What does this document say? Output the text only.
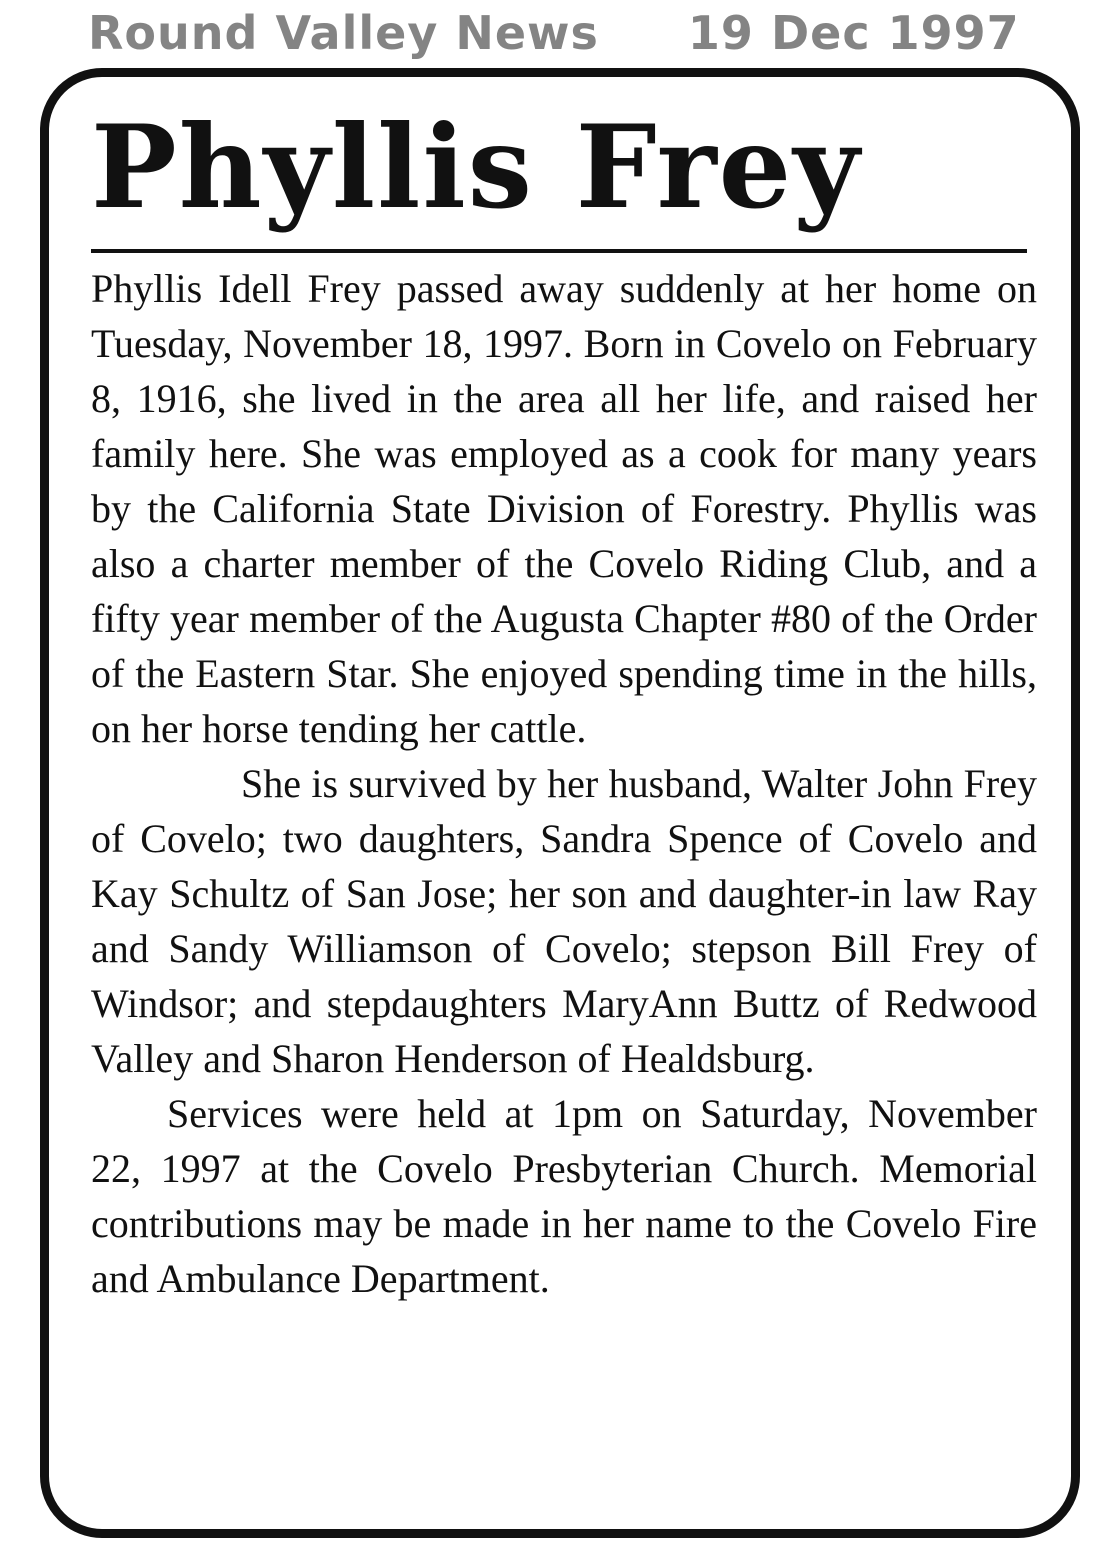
Round Valley News 19 Dec 1997
Phyllis Frey

Phyllis Idell Frey passed away suddenly at her home on Tuesday, November 18, 1997. Born in Covelo on February 8, 1916, she lived in the area all her life, and raised her family here. She was employed as a cook for many years by the California State Division of Forestry. Phyllis was also a charter member of the Covelo Riding Club, and a fifty year member of the Augusta Chapter #80 of the Order of the Eastern Star. She enjoyed spending time in the hills, on her horse tending her cattle.

She is survived by her husband, Walter John Frey of Covelo; two daughters, Sandra Spence of Covelo and Kay Schultz of San Jose; her son and daughter-in law Ray and Sandy Williamson of Covelo; stepson Bill Frey of Windsor; and stepdaughters MaryAnn Buttz of Redwood Valley and Sharon Henderson of Healdsburg.

Services were held at 1pm on Saturday, November 22, 1997 at the Covelo Presbyterian Church. Memorial contributions may be made in her name to the Covelo Fire and Ambulance Department.
